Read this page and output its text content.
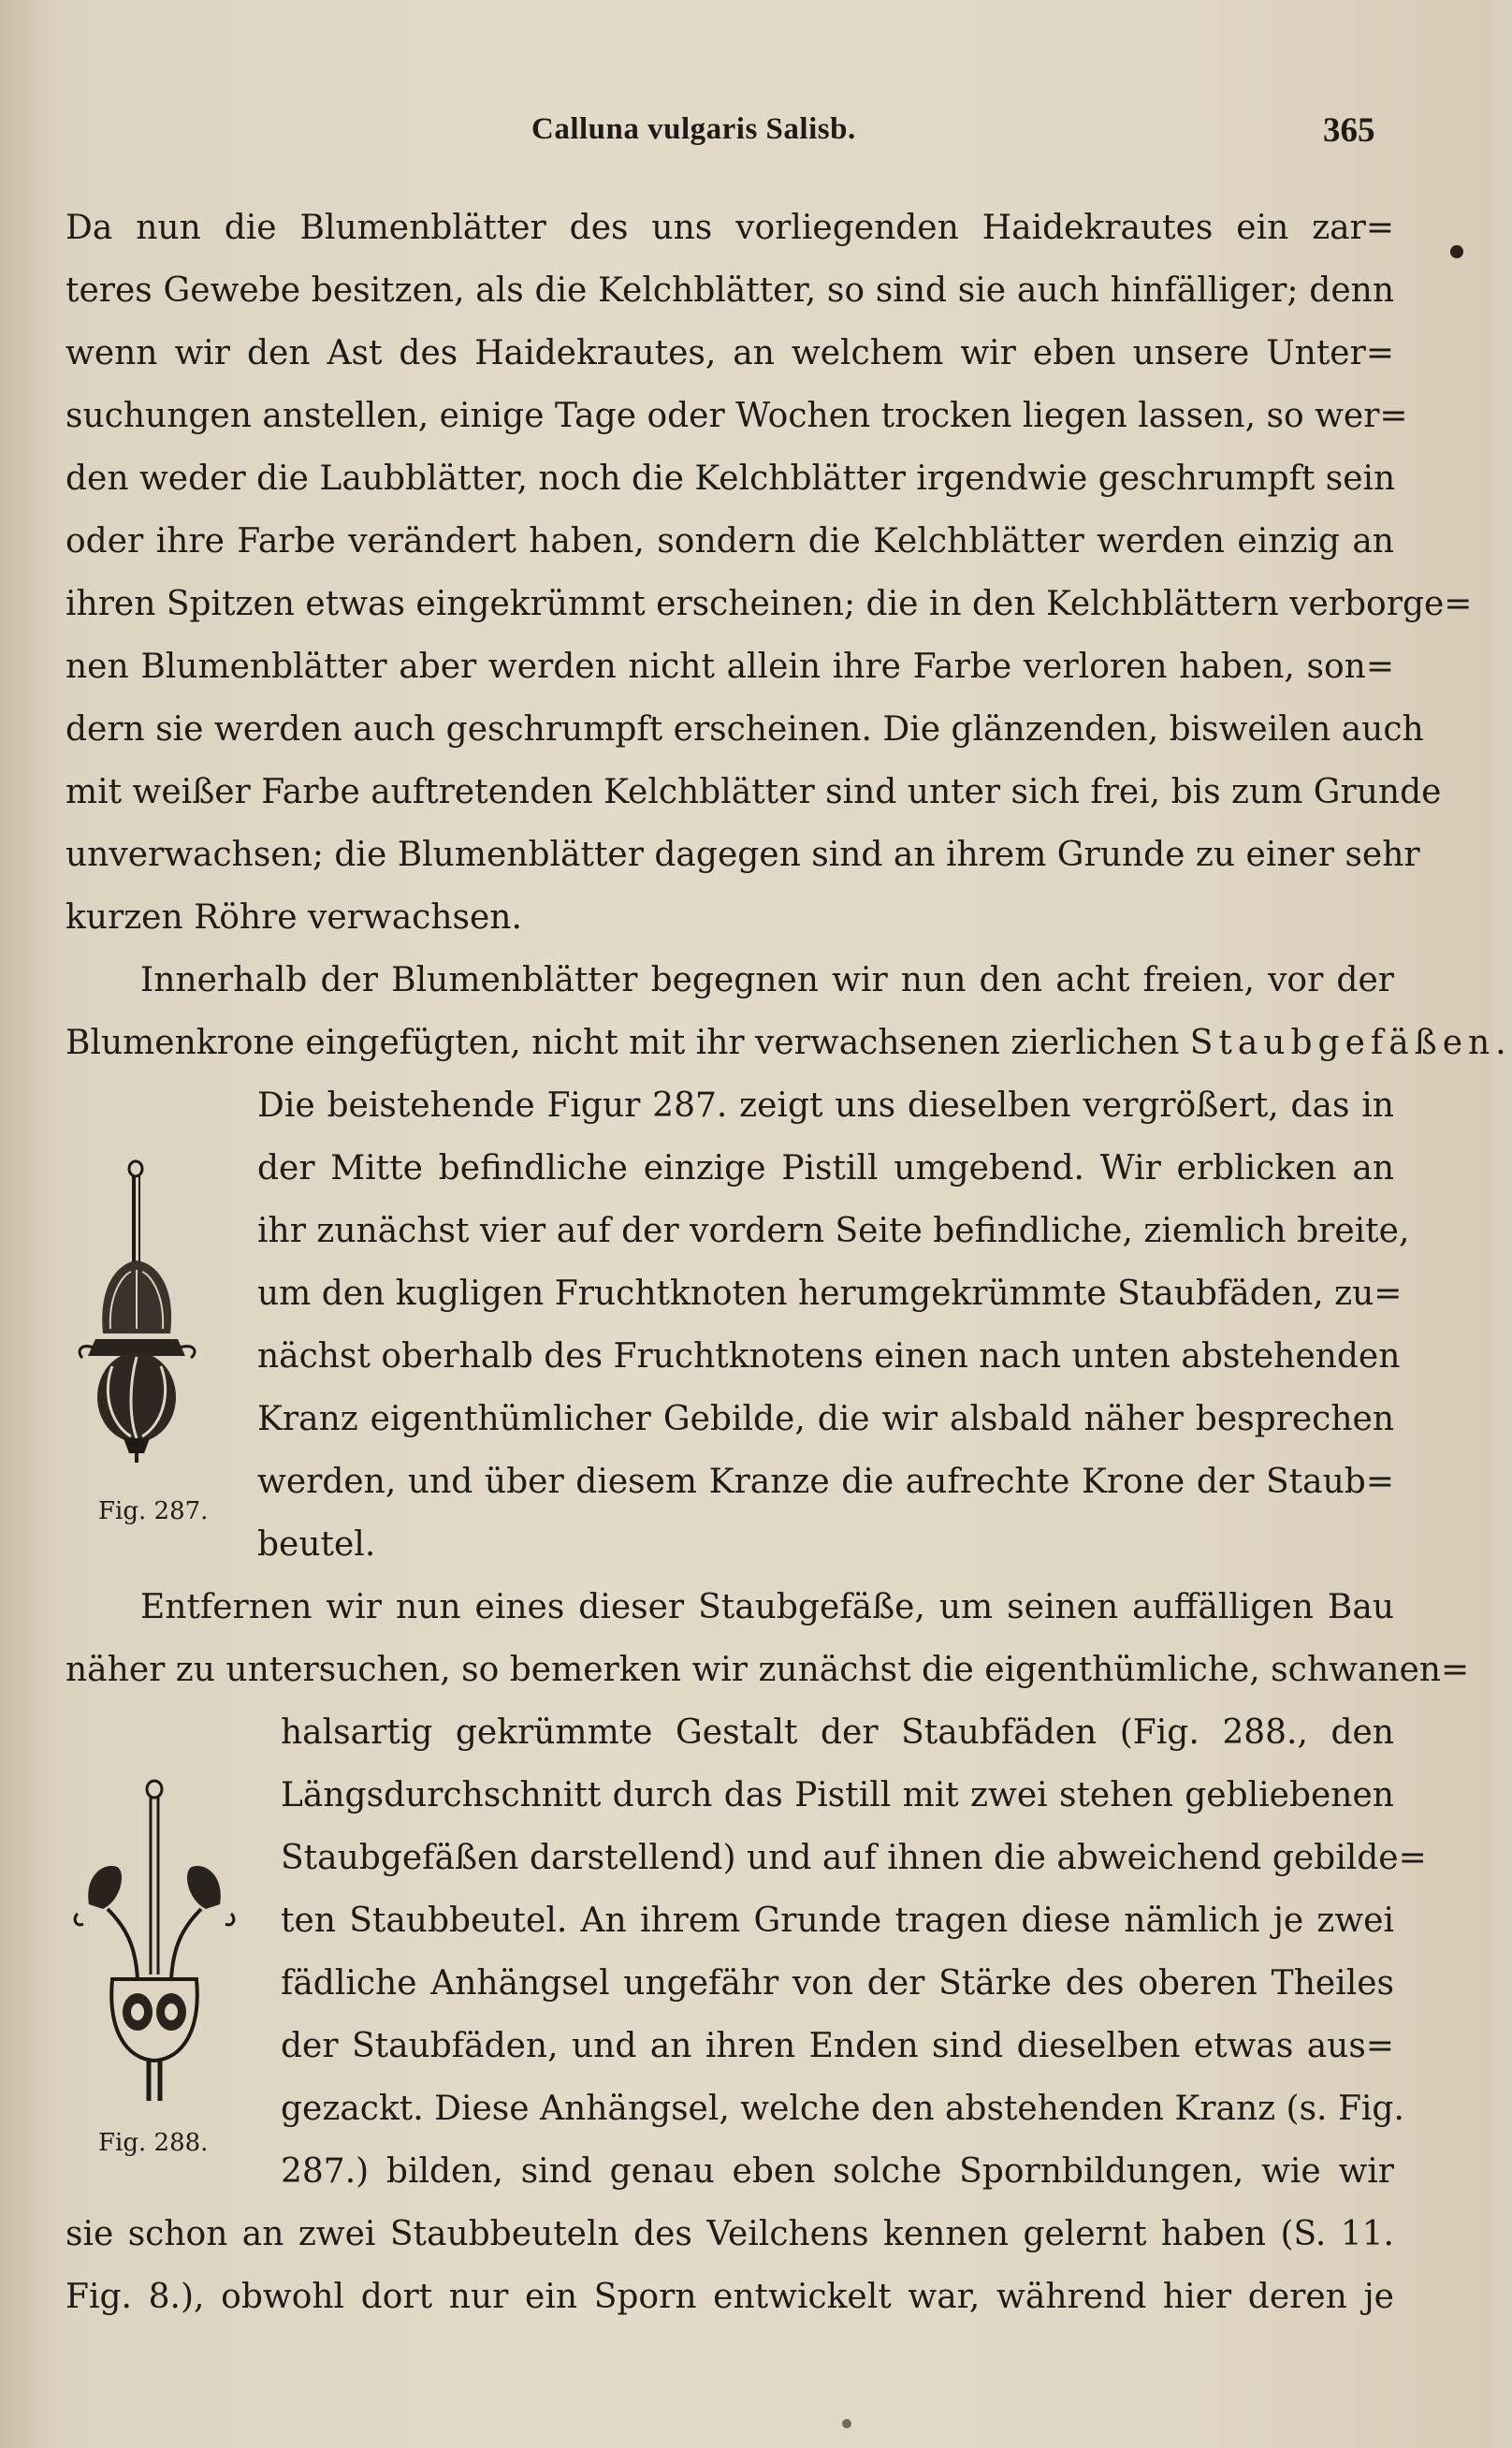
Calluna vulgaris Salisb.	365
Da nun die Blumenblätter des uns vorliegenden Haidekrautes ein zar=
teres Gewebe besitzen, als die Kelchblätter, so sind sie auch hinfälliger; denn
wenn wir den Ast des Haidekrautes, an welchem wir eben unsere Unter=
suchungen anstellen, einige Tage oder Wochen trocken liegen lassen, so wer=
den weder die Laubblätter, noch die Kelchblätter irgendwie geschrumpft sein
oder ihre Farbe verändert haben, sondern die Kelchblätter werden einzig an
ihren Spitzen etwas eingekrümmt erscheinen; die in den Kelchblättern verborge=
nen Blumenblätter aber werden nicht allein ihre Farbe verloren haben, son=
dern sie werden auch geschrumpft erscheinen. Die glänzenden, bisweilen auch
mit weißer Farbe auftretenden Kelchblätter sind unter sich frei, bis zum Grunde
unverwachsen; die Blumenblätter dagegen sind an ihrem Grunde zu einer sehr
kurzen Röhre verwachsen.
Innerhalb der Blumenblätter begegnen wir nun den acht freien, vor der
Blumenkrone eingefügten, nicht mit ihr verwachsenen zierlichen Staubgefäßen.
Die beistehende Figur 287. zeigt uns dieselben vergrößert, das in
der Mitte befindliche einzige Pistill umgebend. Wir erblicken an
ihr zunächst vier auf der vordern Seite befindliche, ziemlich breite,
um den kugligen Fruchtknoten herumgekrümmte Staubfäden, zu=
nächst oberhalb des Fruchtknotens einen nach unten abstehenden
Kranz eigenthümlicher Gebilde, die wir alsbald näher besprechen
werden, und über diesem Kranze die aufrechte Krone der Staub=
beutel.
Entfernen wir nun eines dieser Staubgefäße, um seinen auffälligen Bau
näher zu untersuchen, so bemerken wir zunächst die eigenthümliche, schwanen=
halsartig gekrümmte Gestalt der Staubfäden (Fig. 288., den
Längsdurchschnitt durch das Pistill mit zwei stehen gebliebenen
Staubgefäßen darstellend) und auf ihnen die abweichend gebilde=
ten Staubbeutel. An ihrem Grunde tragen diese nämlich je zwei
fädliche Anhängsel ungefähr von der Stärke des oberen Theiles
der Staubfäden, und an ihren Enden sind dieselben etwas aus=
gezackt. Diese Anhängsel, welche den abstehenden Kranz (s. Fig.
287.) bilden, sind genau eben solche Spornbildungen, wie wir
sie schon an zwei Staubbeuteln des Veilchens kennen gelernt haben (S. 11.
Fig. 8.), obwohl dort nur ein Sporn entwickelt war, während hier deren je
Fig. 287.
Fig. 288.
